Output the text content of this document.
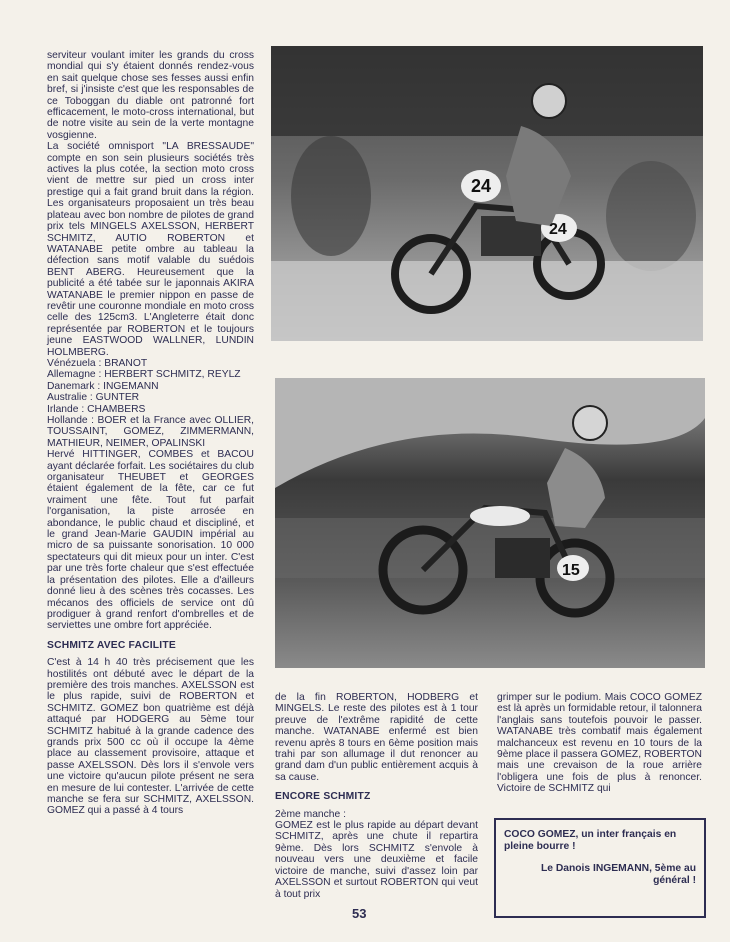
serviteur voulant imiter les grands du cross mondial qui s'y étaient donnés rendez-vous en sait quelque chose ses fesses aussi enfin bref, si j'insiste c'est que les responsables de ce Toboggan du diable ont patronné fort efficacement, le moto-cross international, but de notre visite au sein de la verte montagne vosgienne.

La société omnisport "LA BRESSAUDE" compte en son sein plusieurs sociétés très actives la plus cotée, la section moto cross vient de mettre sur pied un cross inter prestige qui a fait grand bruit dans la région. Les organisateurs proposaient un très beau plateau avec bon nombre de pilotes de grand prix tels MINGELS AXELSSON, HERBERT SCHMITZ, AUTIO ROBERTON et WATANABE petite ombre au tableau la défection sans motif valable du suédois BENT ABERG. Heureusement que la publicité a été tabée sur le japonnais AKIRA WATANABE le premier nippon en passe de revêtir une couronne mondiale en moto cross celle des 125cm3. L'Angleterre était donc représentée par ROBERTON et le toujours jeune EASTWOOD WALLNER, LUNDIN HOLMBERG.

Vénézuela : BRANOT

Allemagne : HERBERT SCHMITZ, REYLZ

Danemark : INGEMANN

Australie : GUNTER

Irlande : CHAMBERS

Hollande : BOER et la France avec OLLIER, TOUSSAINT, GOMEZ, ZIMMERMANN, MATHIEUR, NEIMER, OPALINSKI

Hervé HITTINGER, COMBES et BACOU ayant déclarée forfait. Les sociétaires du club organisateur THEUBET et GEORGES étaient également de la fête, car ce fut vraiment une fête. Tout fut parfait l'organisation, la piste arrosée en abondance, le public chaud et discipliné, et le grand Jean-Marie GAUDIN impérial au micro de sa puissante sonorisation. 10 000 spectateurs qui dit mieux pour un inter. C'est par une très forte chaleur que s'est effectuée la présentation des pilotes. Elle a d'ailleurs donné lieu à des scènes très cocasses. Les mécanos des officiels de service ont dû prodiguer à grand renfort d'ombrelles et de serviettes une ombre fort appréciée.

SCHMITZ AVEC FACILITE

C'est à 14 h 40 très précisement que les hostilités ont débuté avec le départ de la première des trois manches. AXELSSON est le plus rapide, suivi de ROBERTON et SCHMITZ. GOMEZ bon quatrième est déjà attaqué par HODGERG au 5ème tour SCHMITZ habitué à la grande cadence des grands prix 500 cc où il occupe la 4ème place au classement provisoire, attaque et passe AXELSSON. Dès lors il s'envole vers une victoire qu'aucun pilote présent ne sera en mesure de lui contester. L'arrivée de cette manche se fera sur SCHMITZ, AXELSSON. GOMEZ qui a passé à 4 tours

24
24
15

de la fin ROBERTON, HODBERG et MINGELS. Le reste des pilotes est à 1 tour preuve de l'extrême rapidité de cette manche. WATANABE enfermé est bien revenu après 8 tours en 6ème position mais trahi par son allumage il dut renoncer au grand dam d'un public entièrement acquis à sa cause.

ENCORE SCHMITZ

2ème manche :

GOMEZ est le plus rapide au départ devant SCHMITZ, après une chute il repartira 9ème. Dès lors SCHMITZ s'envole à nouveau vers une deuxième et facile victoire de manche, suivi d'assez loin par AXELSSON et surtout ROBERTON qui veut à tout prix

grimper sur le podium. Mais COCO GOMEZ est là après un formidable retour, il talonnera l'anglais sans toutefois pouvoir le passer. WATANABE très combatif mais également malchanceux est revenu en 10 tours de la 9ème place il passera GOMEZ, ROBERTON mais une crevaison de la roue arrière l'obligera une fois de plus à renoncer. Victoire de SCHMITZ qui

COCO GOMEZ, un inter français en pleine bourre !

Le Danois INGEMANN, 5ème au général !

53
